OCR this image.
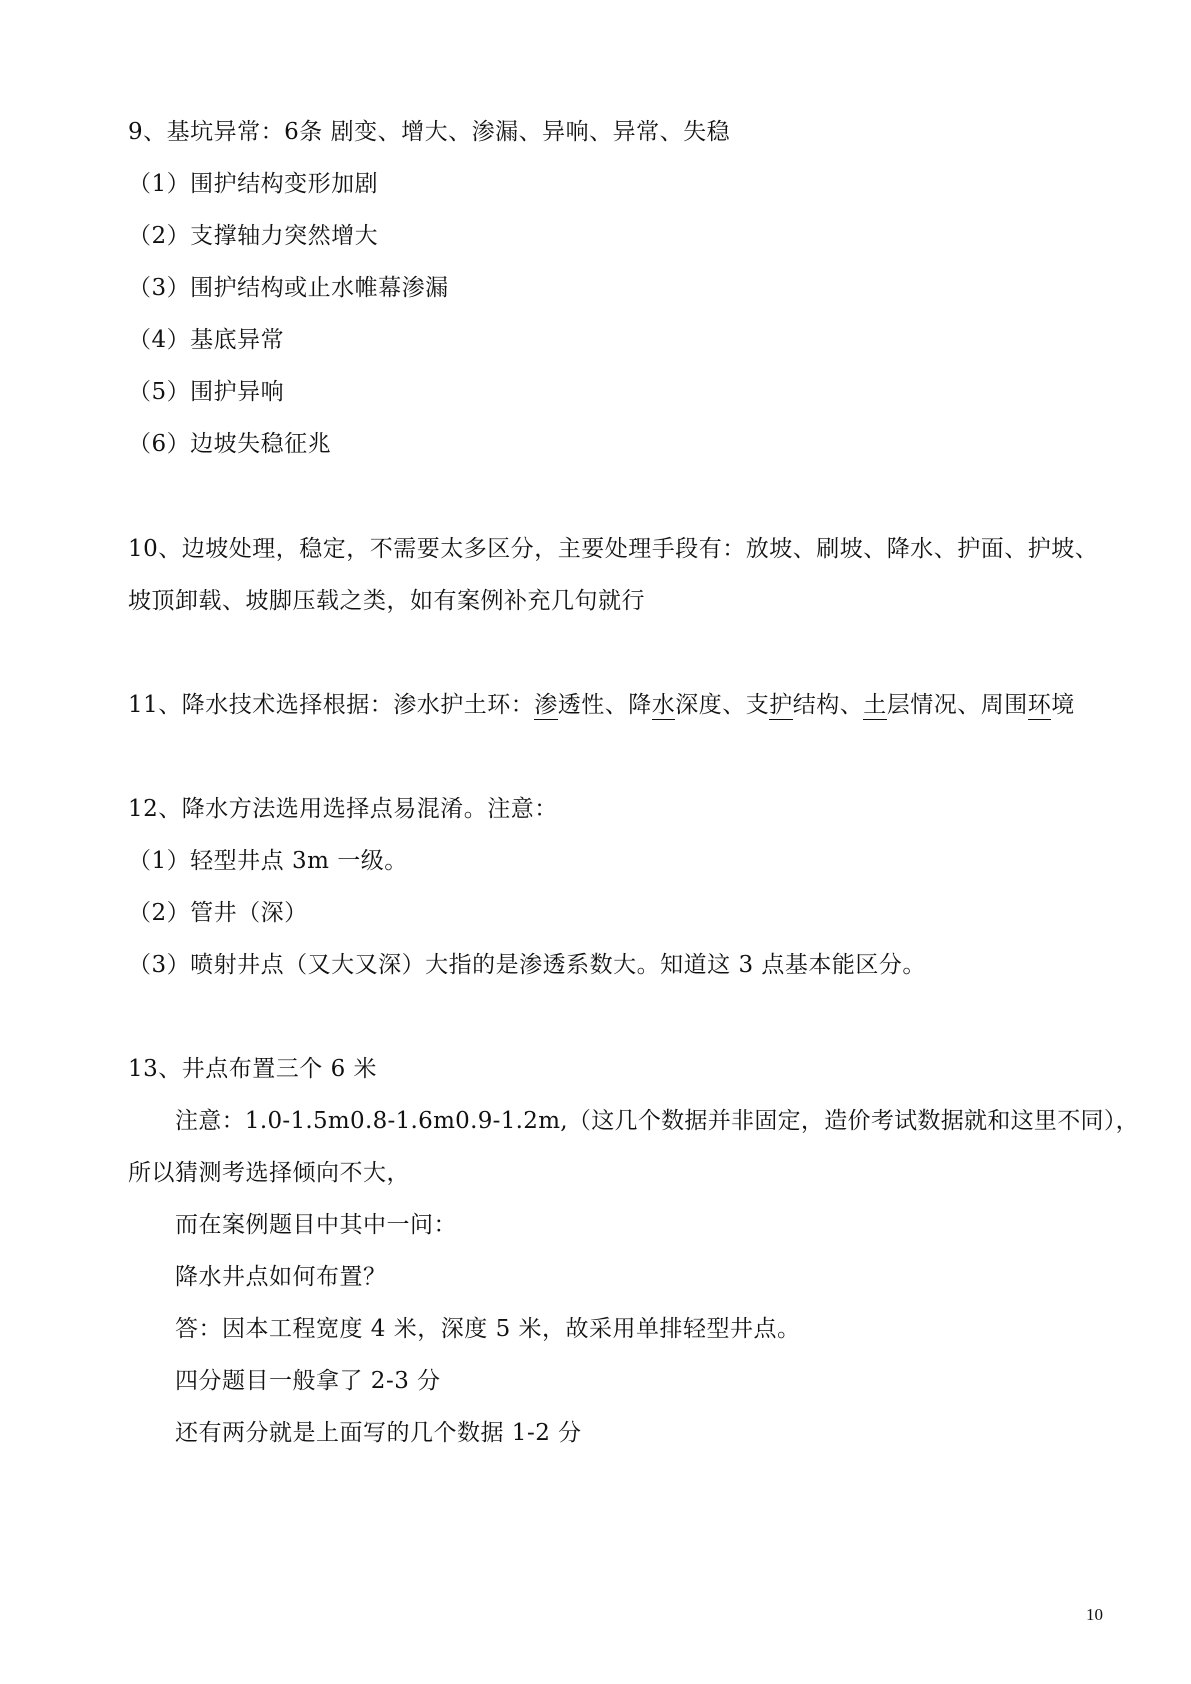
9、基坑异常：6条 剧变、增大、渗漏、异响、异常、失稳
（1）围护结构变形加剧
（2）支撑轴力突然增大
（3）围护结构或止水帷幕渗漏
（4）基底异常
（5）围护异响
（6）边坡失稳征兆
10、边坡处理，稳定，不需要太多区分，主要处理手段有：放坡、刷坡、降水、护面、护坡、
坡顶卸载、坡脚压载之类，如有案例补充几句就行
11、降水技术选择根据：渗水护土环：渗透性、降水深度、支护结构、土层情况、周围环境
12、降水方法选用选择点易混淆。注意：
（1）轻型井点 3m 一级。
（2）管井（深）
（3）喷射井点（又大又深）大指的是渗透系数大。知道这 3 点基本能区分。
13、井点布置三个 6 米
注意：1.0-1.5m0.8-1.6m0.9-1.2m,（这几个数据并非固定，造价考试数据就和这里不同），
所以猜测考选择倾向不大，
而在案例题目中其中一问：
降水井点如何布置？
答：因本工程宽度 4 米，深度 5 米，故采用单排轻型井点。
四分题目一般拿了 2-3 分
还有两分就是上面写的几个数据 1-2 分
10
